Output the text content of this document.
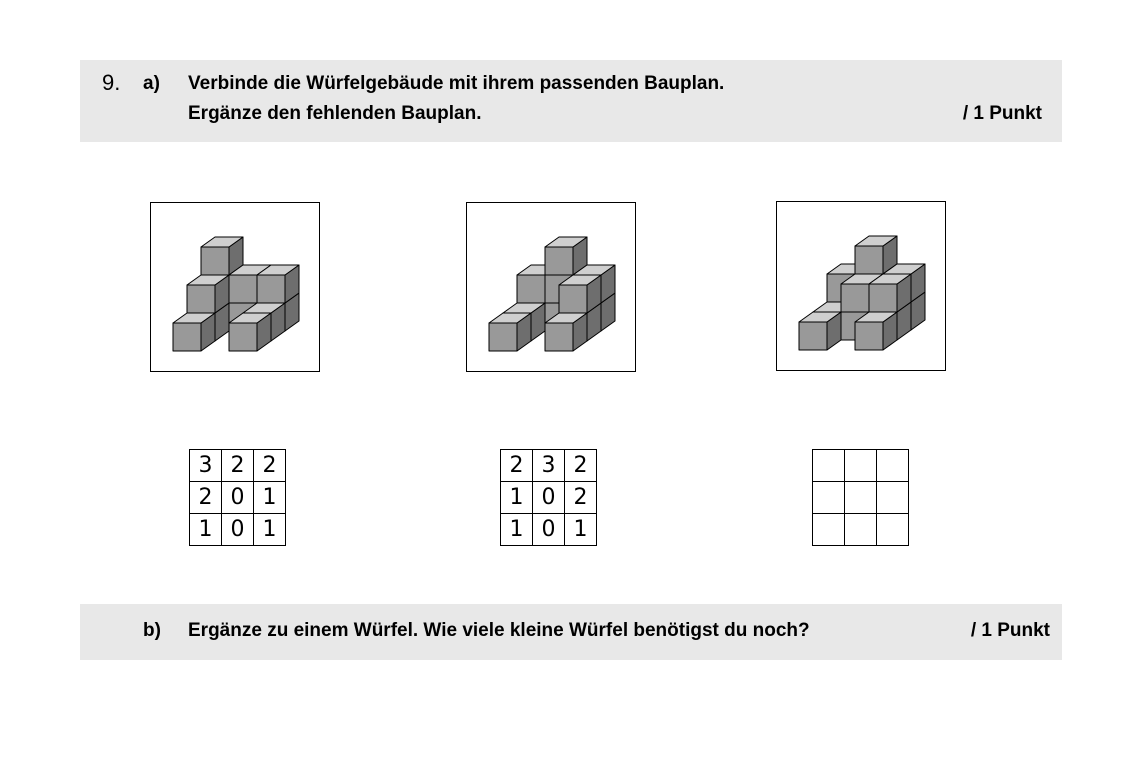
9. a) Verbinde die Würfelgebäude mit ihrem passenden Bauplan.
Ergänze den fehlenden Bauplan.	/ 1 Punkt
3	2	2
2	0	1
1	0	1
2	3	2
1	0	2
1	0	1

b) Ergänze zu einem Würfel. Wie viele kleine Würfel benötigst du noch?	/ 1 Punkt
